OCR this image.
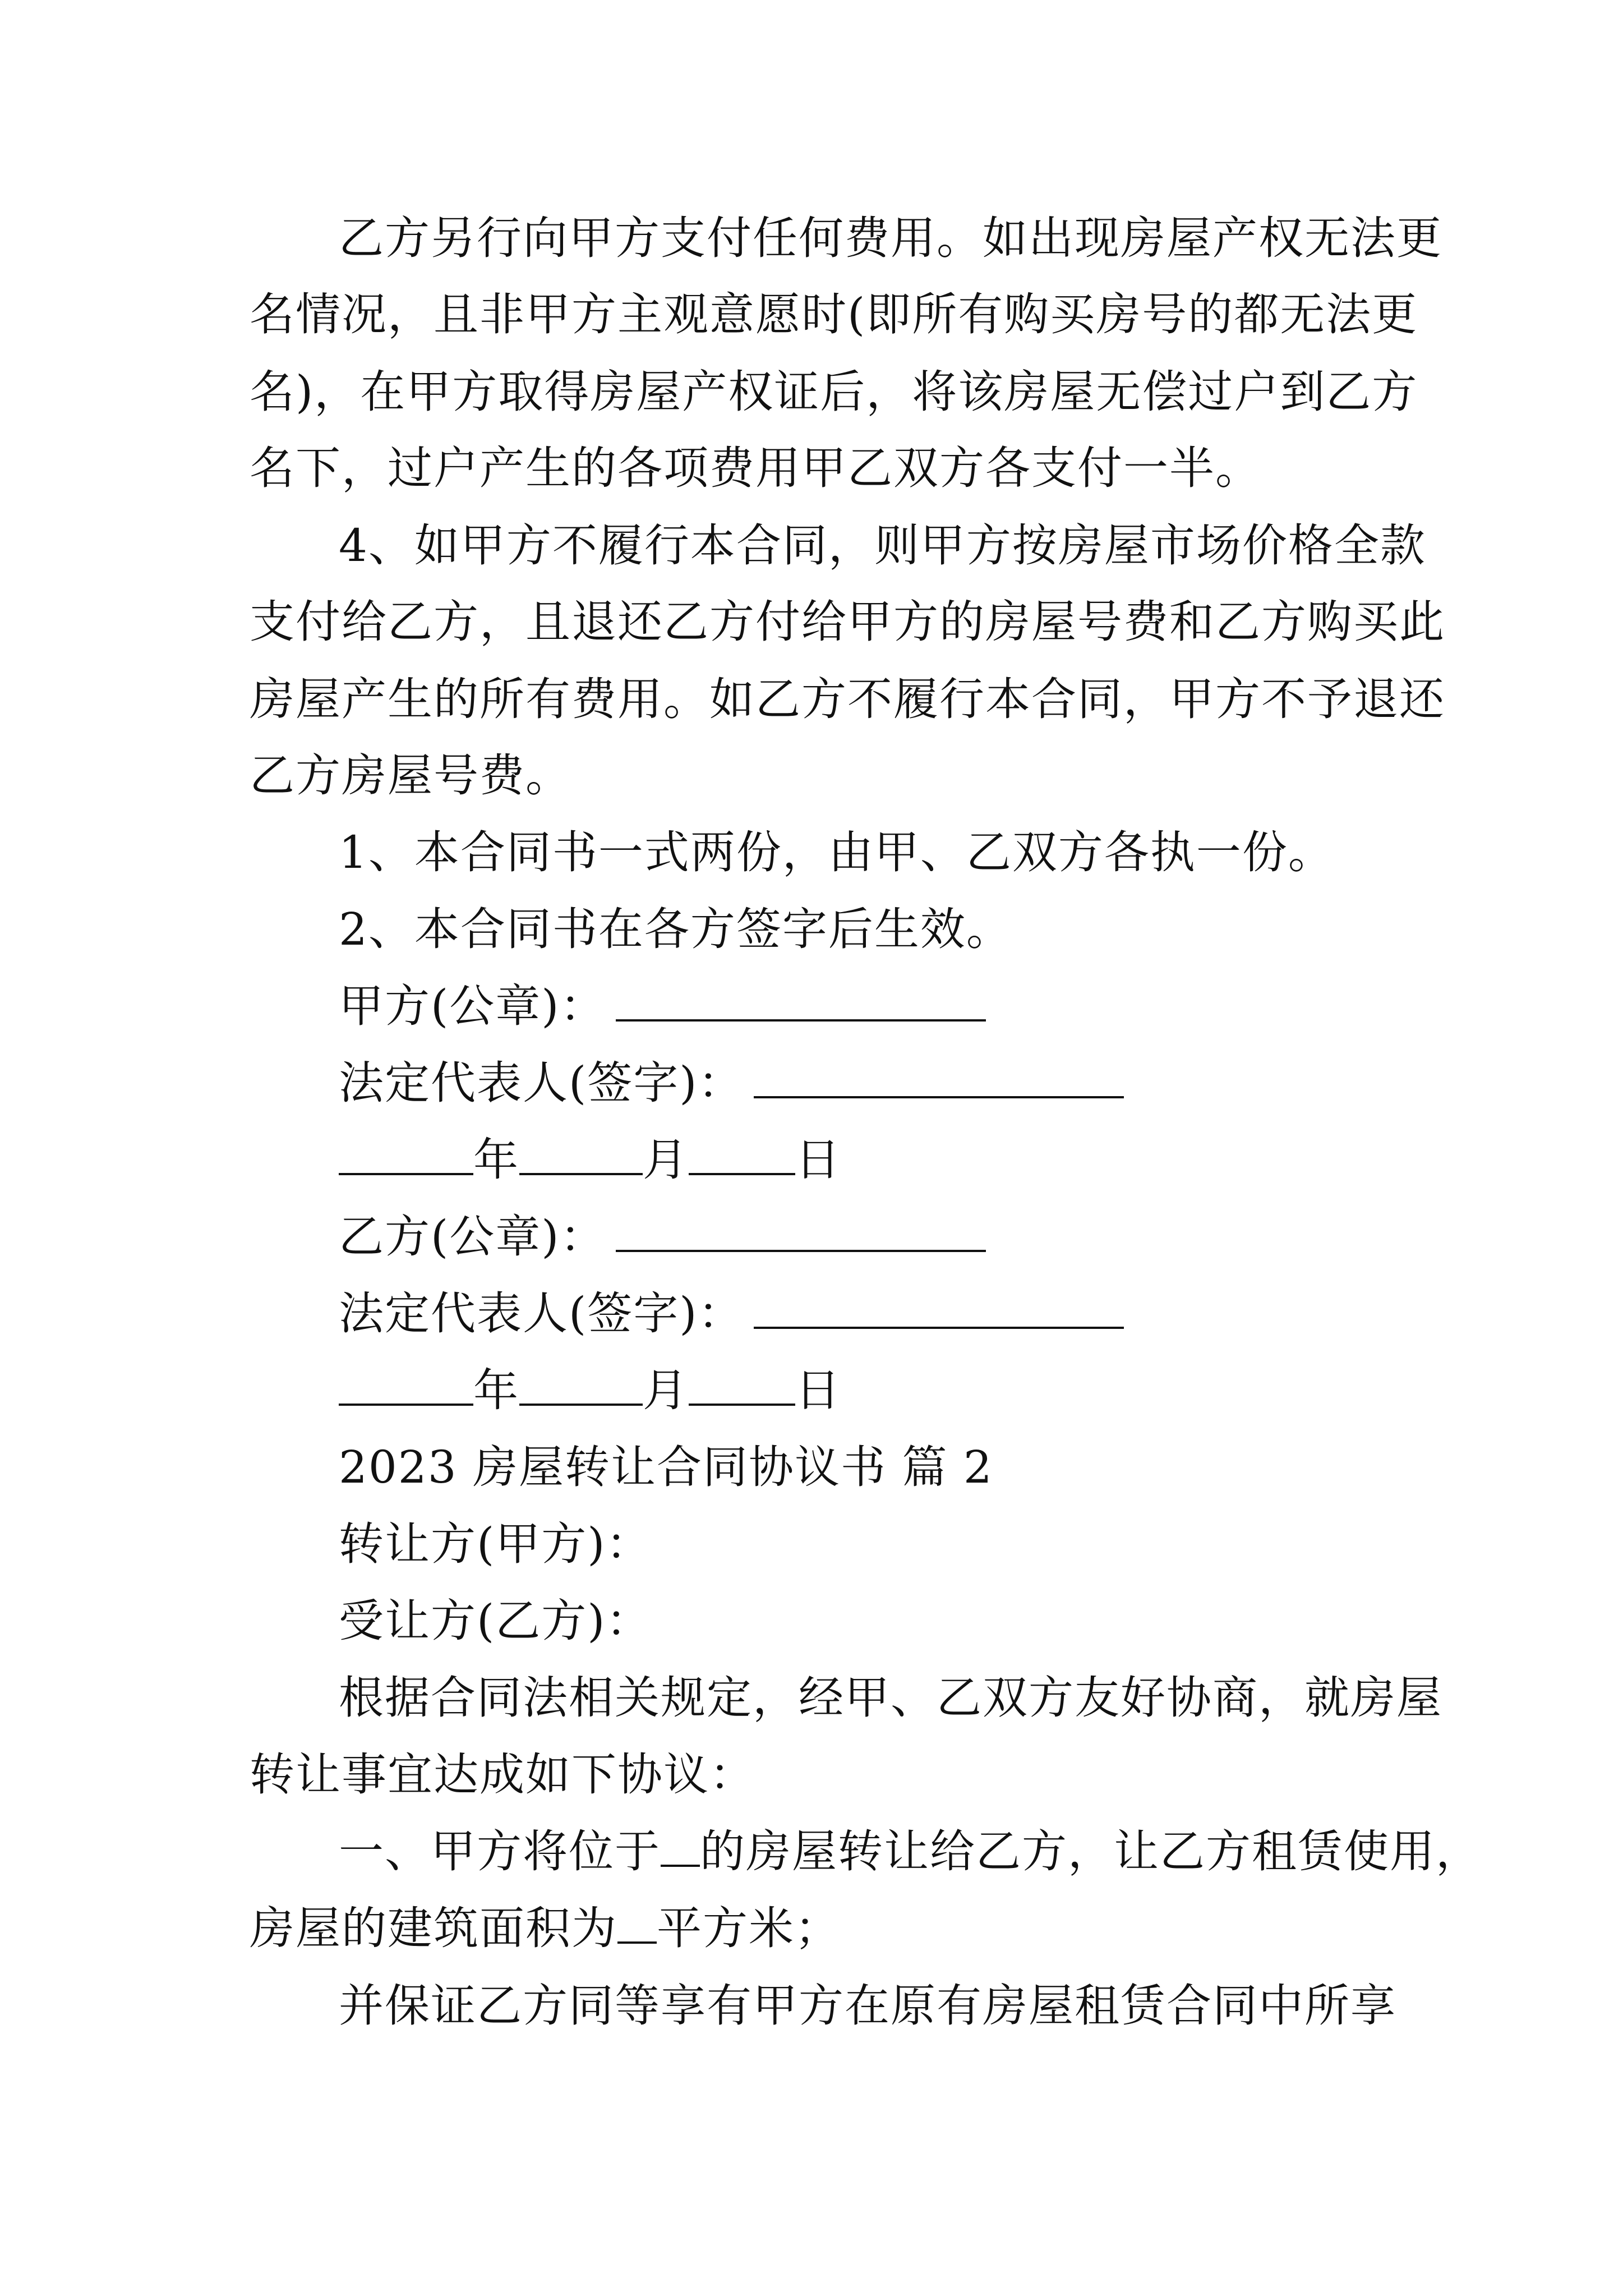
乙方另行向甲方支付任何费用。如出现房屋产权无法更
名情况，且非甲方主观意愿时(即所有购买房号的都无法更
名)，在甲方取得房屋产权证后，将该房屋无偿过户到乙方
名下，过户产生的各项费用甲乙双方各支付一半。
4、如甲方不履行本合同，则甲方按房屋市场价格全款
支付给乙方，且退还乙方付给甲方的房屋号费和乙方购买此
房屋产生的所有费用。如乙方不履行本合同，甲方不予退还
乙方房屋号费。
1、本合同书一式两份，由甲、乙双方各执一份。
2、本合同书在各方签字后生效。
甲方(公章)：
法定代表人(签字)：
年	月 日
乙方(公章)：
法定代表人(签字)：
年	月 日
2023 房屋转让合同协议书 篇 2
转让方(甲方)：
受让方(乙方)：
根据合同法相关规定，经甲、乙双方友好协商，就房屋
转让事宜达成如下协议：
一、甲方将位于 的房屋转让给乙方，让乙方租赁使用，
房屋的建筑面积为 平方米；
并保证乙方同等享有甲方在原有房屋租赁合同中所享
